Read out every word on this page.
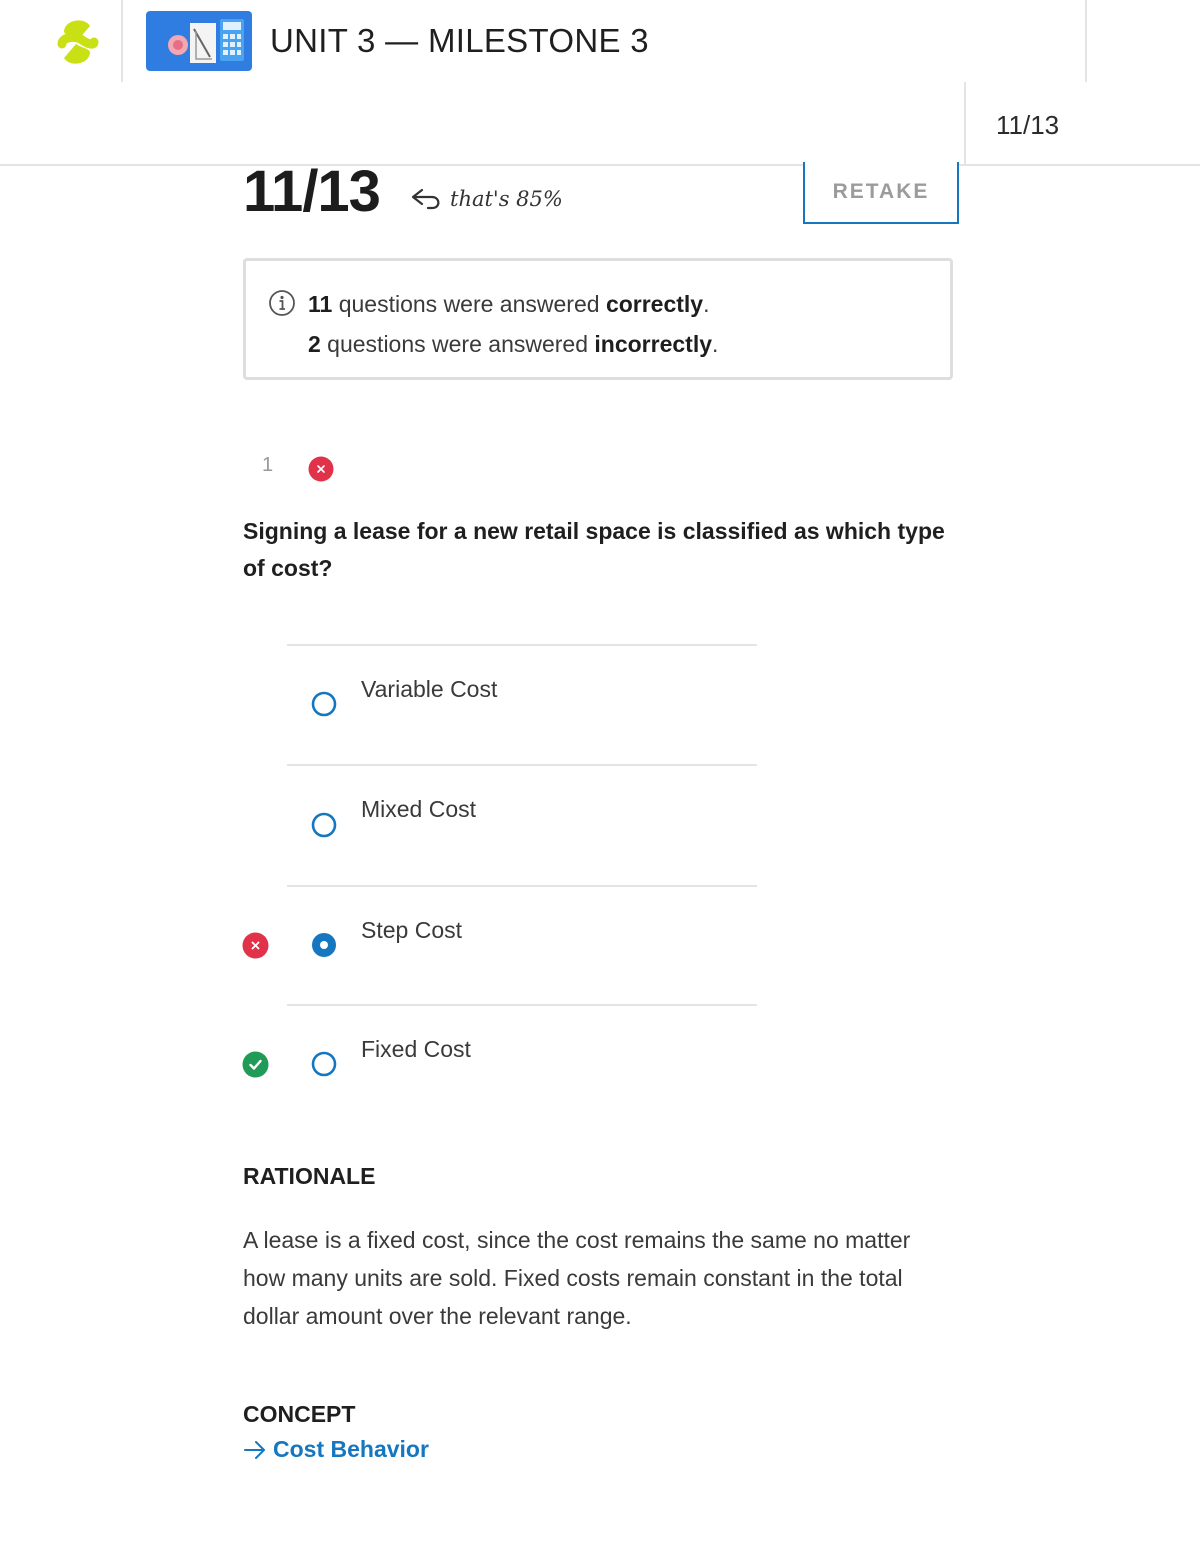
UNIT 3 — MILESTONE 3
11/13
11/13	that's 85%	RETAKE
11 questions were answered correctly.
2 questions were answered incorrectly.
1
Signing a lease for a new retail space is classified as which type of cost?
Variable Cost
Mixed Cost
Step Cost
Fixed Cost
RATIONALE
A lease is a fixed cost, since the cost remains the same no matter how many units are sold. Fixed costs remain constant in the total dollar amount over the relevant range.
CONCEPT
Cost Behavior
